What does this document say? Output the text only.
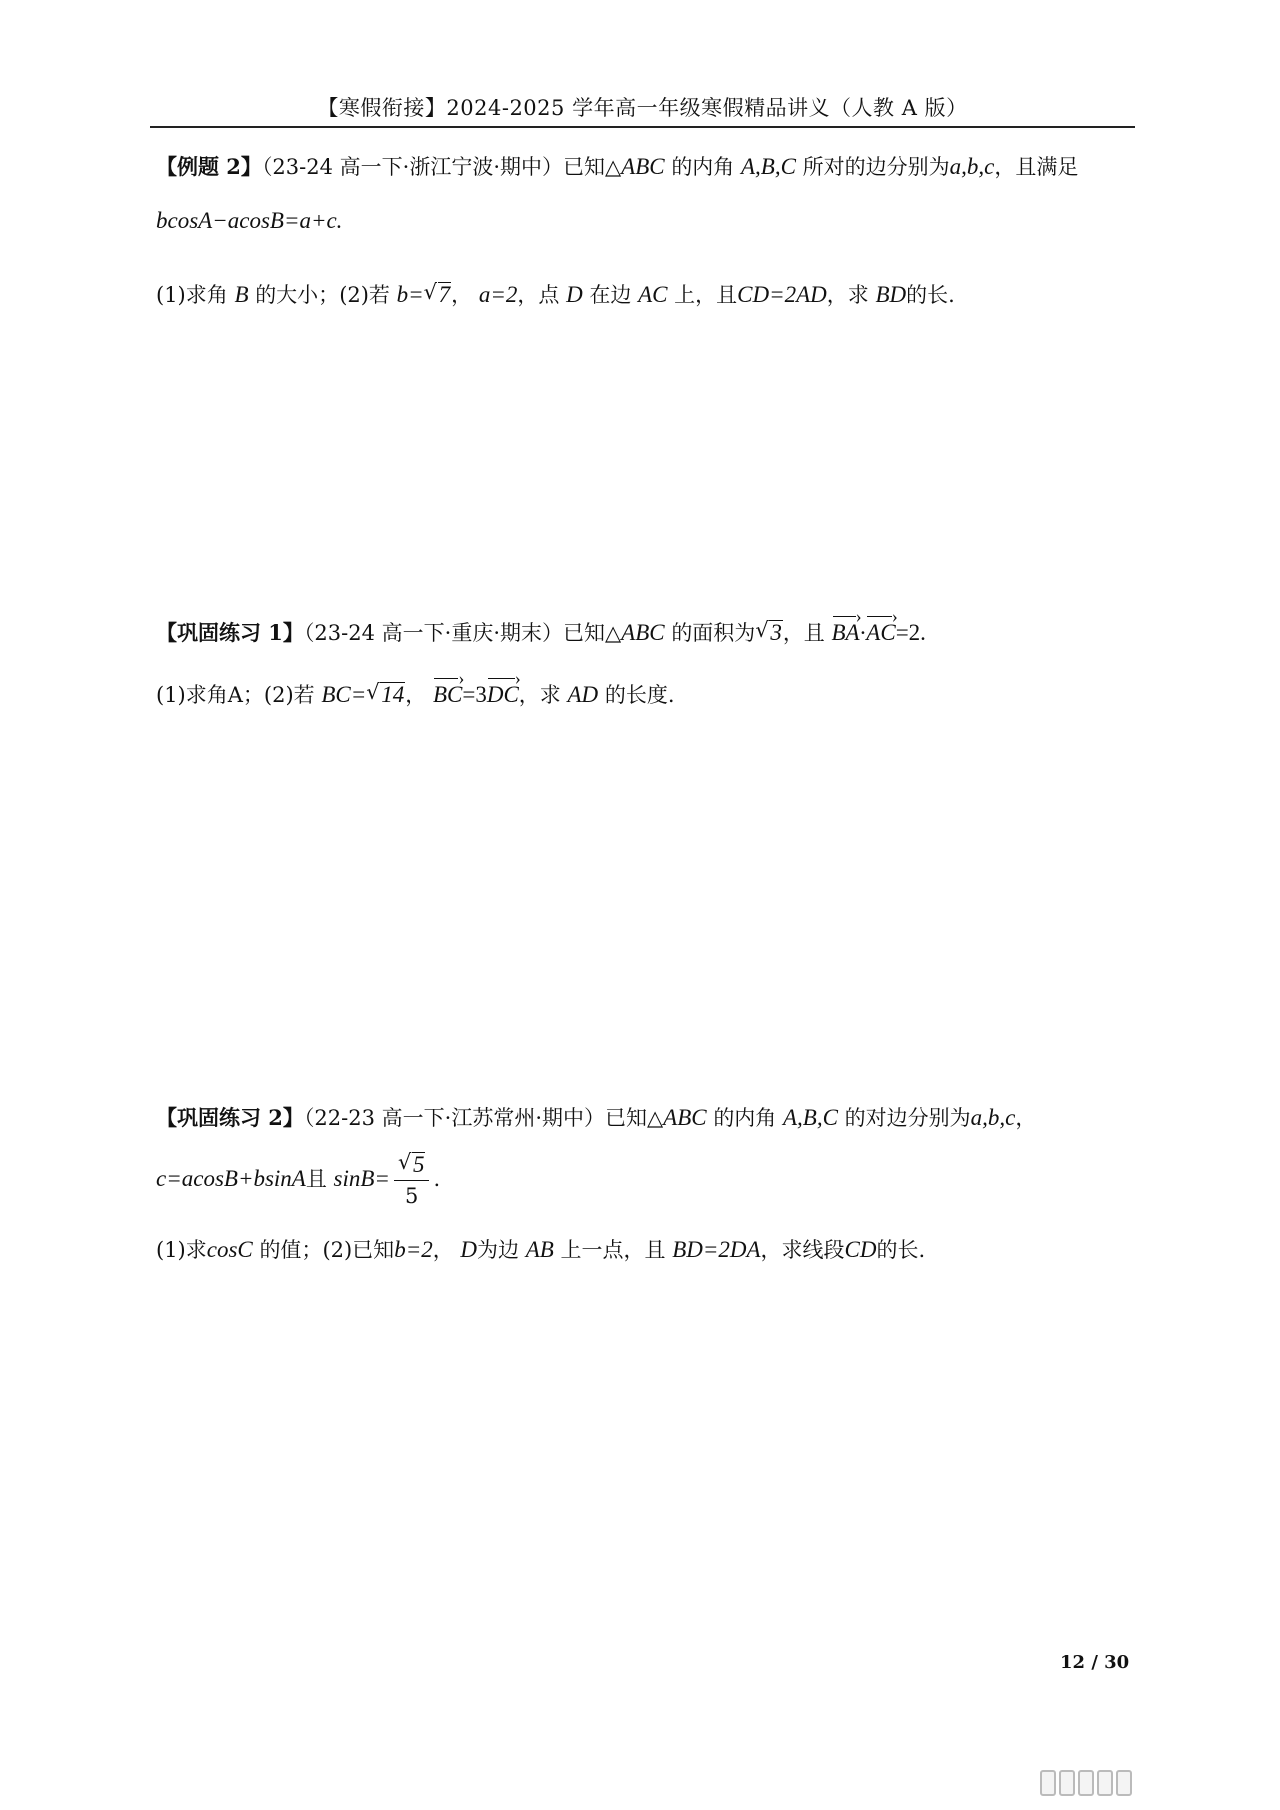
【寒假衔接】2024-2025 学年高一年级寒假精品讲义（人教 A 版）
【例题 2】（23-24 高一下·浙江宁波·期中）已知△ABC 的内角 A,B,C 所对的边分别为a,b,c，且满足
bcosA−acosB=a+c.
(1)求角 B 的大小；(2)若 b= √ 7， a=2，点 D 在边 AC 上，且CD=2AD，求 BD的长.
【巩固练习 1】（23-24 高一下·重庆·期末）已知△ABC 的面积为 √ 3，且 BA ›·AC ›=2.
(1)求角A；(2)若 BC= √ 14， BC ›=3DC ›，求 AD 的长度.
【巩固练习 2】（22-23 高一下·江苏常州·期中）已知△ABC 的内角 A,B,C 的对边分别为a,b,c，
c=acosB+bsinA且 sinB= √ $\frac{5}{5}$ .
(1)求cosC 的值；(2)已知b=2， D为边 AB 上一点，且 BD=2DA，求线段CD的长.
12 / 30
